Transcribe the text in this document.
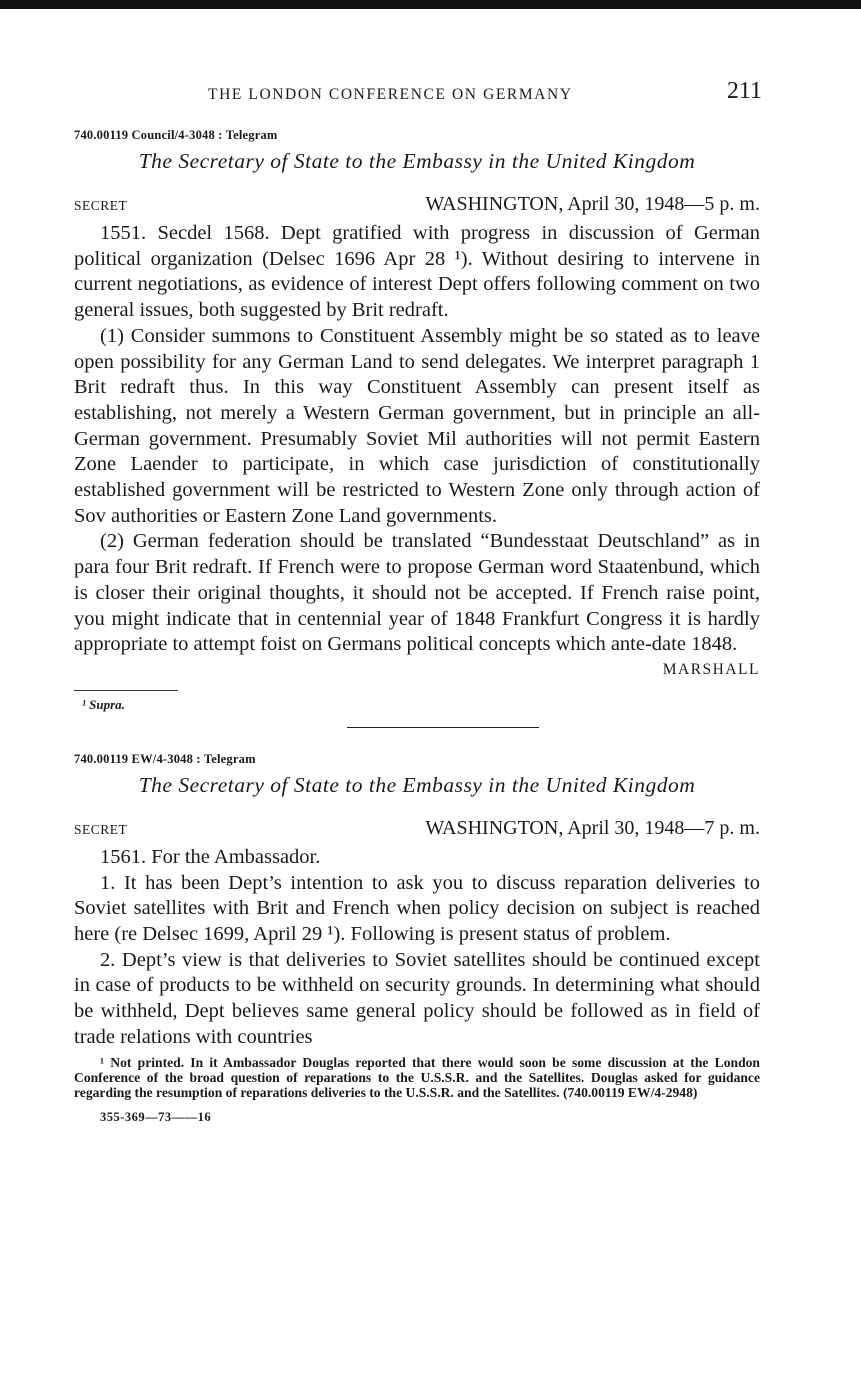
THE LONDON CONFERENCE ON GERMANY	211
740.00119 Council/4-3048 : Telegram
The Secretary of State to the Embassy in the United Kingdom
SECRET	WASHINGTON, April 30, 1948—5 p. m.

1551. Secdel 1568. Dept gratified with progress in discussion of German political organization (Delsec 1696 Apr 28 ¹). Without desiring to intervene in current negotiations, as evidence of interest Dept offers following comment on two general issues, both suggested by Brit redraft.

(1) Consider summons to Constituent Assembly might be so stated as to leave open possibility for any German Land to send delegates. We interpret paragraph 1 Brit redraft thus. In this way Constituent Assembly can present itself as establishing, not merely a Western German government, but in principle an all-German government. Presumably Soviet Mil authorities will not permit Eastern Zone Laender to participate, in which case jurisdiction of constitutionally established government will be restricted to Western Zone only through action of Sov authorities or Eastern Zone Land governments.

(2) German federation should be translated “Bundesstaat Deutschland” as in para four Brit redraft. If French were to propose German word Staatenbund, which is closer their original thoughts, it should not be accepted. If French raise point, you might indicate that in centennial year of 1848 Frankfurt Congress it is hardly appropriate to attempt foist on Germans political concepts which ante-date 1848.

MARSHALL
¹ Supra.
740.00119 EW/4-3048 : Telegram
The Secretary of State to the Embassy in the United Kingdom
SECRET	WASHINGTON, April 30, 1948—7 p. m.

1561. For the Ambassador.

1. It has been Dept’s intention to ask you to discuss reparation deliveries to Soviet satellites with Brit and French when policy decision on subject is reached here (re Delsec 1699, April 29 ¹). Following is present status of problem.

2. Dept’s view is that deliveries to Soviet satellites should be continued except in case of products to be withheld on security grounds. In determining what should be withheld, Dept believes same general policy should be followed as in field of trade relations with countries

¹ Not printed. In it Ambassador Douglas reported that there would soon be some discussion at the London Conference of the broad question of reparations to the U.S.S.R. and the Satellites. Douglas asked for guidance regarding the resumption of reparations deliveries to the U.S.S.R. and the Satellites. (740.00119 EW/4-2948)

355-369—73——16
